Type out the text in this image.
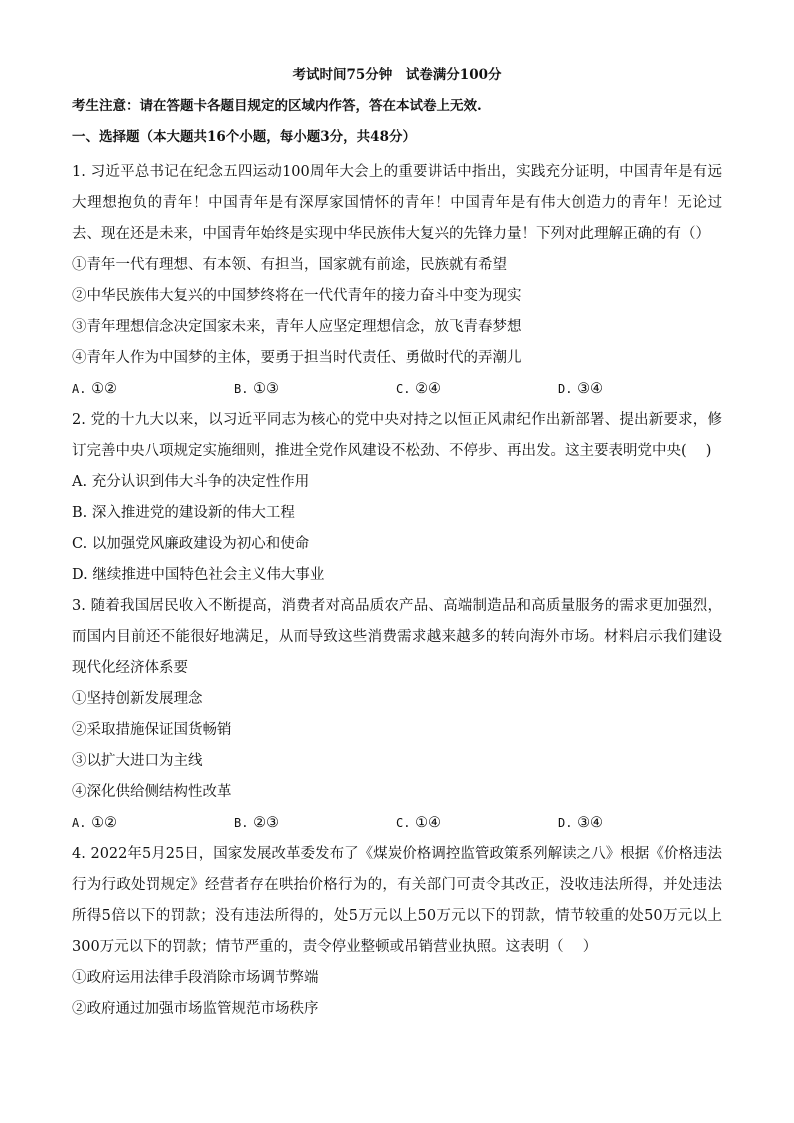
考试时间75分钟　试卷满分100分
考生注意：请在答题卡各题目规定的区域内作答，答在本试卷上无效.
一、选择题（本大题共16个小题，每小题3分，共48分）
1. 习近平总书记在纪念五四运动100周年大会上的重要讲话中指出，实践充分证明，中国青年是有远大理想抱负的青年！中国青年是有深厚家国情怀的青年！中国青年是有伟大创造力的青年！无论过去、现在还是未来，中国青年始终是实现中华民族伟大复兴的先锋力量！下列对此理解正确的有（）
①青年一代有理想、有本领、有担当，国家就有前途，民族就有希望
②中华民族伟大复兴的中国梦终将在一代代青年的接力奋斗中变为现实
③青年理想信念决定国家未来，青年人应坚定理想信念，放飞青春梦想
④青年人作为中国梦的主体，要勇于担当时代责任、勇做时代的弄潮儿
A. ①②	B. ①③	C. ②④	D. ③④
2. 党的十九大以来，以习近平同志为核心的党中央对持之以恒正风肃纪作出新部署、提出新要求，修订完善中央八项规定实施细则，推进全党作风建设不松劲、不停步、再出发。这主要表明党中央(　 )
A. 充分认识到伟大斗争的决定性作用
B. 深入推进党的建设新的伟大工程
C. 以加强党风廉政建设为初心和使命
D. 继续推进中国特色社会主义伟大事业
3. 随着我国居民收入不断提高，消费者对高品质农产品、高端制造品和高质量服务的需求更加强烈，而国内目前还不能很好地满足，从而导致这些消费需求越来越多的转向海外市场。材料启示我们建设现代化经济体系要
①坚持创新发展理念
②采取措施保证国货畅销
③以扩大进口为主线
④深化供给侧结构性改革
A. ①②	B. ②③	C. ①④	D. ③④
4. 2022年5月25日，国家发展改革委发布了《煤炭价格调控监管政策系列解读之八》根据《价格违法行为行政处罚规定》经营者存在哄抬价格行为的，有关部门可责令其改正，没收违法所得，并处违法所得5倍以下的罚款；没有违法所得的，处5万元以上50万元以下的罚款，情节较重的处50万元以上300万元以下的罚款；情节严重的，责令停业整顿或吊销营业执照。这表明（　 ）
①政府运用法律手段消除市场调节弊端
②政府通过加强市场监管规范市场秩序
